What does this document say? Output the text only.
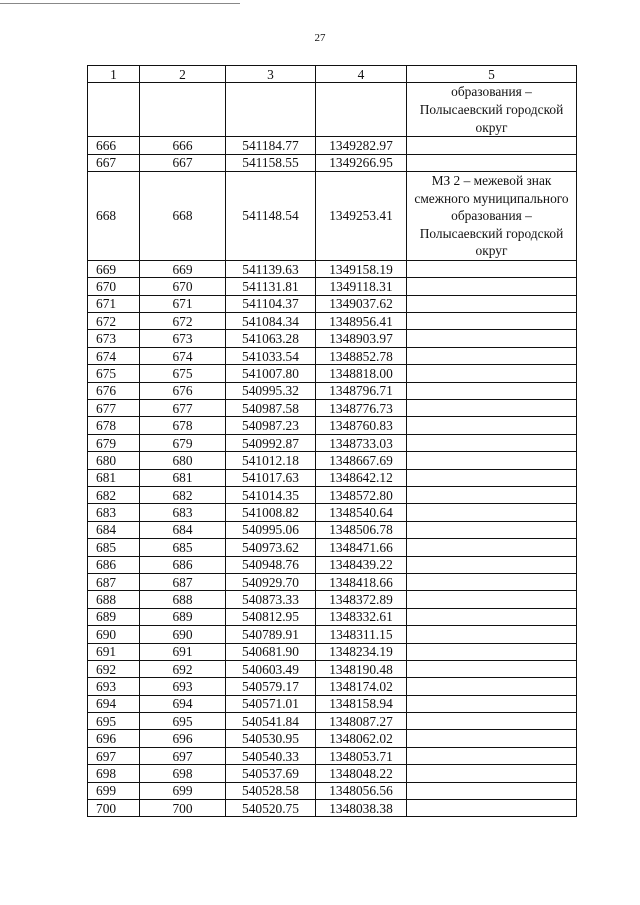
27
1	2	3	4	5
				образования – Полысаевский городской округ
666	666	541184.77	1349282.97	
667	667	541158.55	1349266.95	
668	668	541148.54	1349253.41	МЗ 2 – межевой знак смежного муниципального образования – Полысаевский городской округ
669	669	541139.63	1349158.19	
670	670	541131.81	1349118.31	
671	671	541104.37	1349037.62	
672	672	541084.34	1348956.41	
673	673	541063.28	1348903.97	
674	674	541033.54	1348852.78	
675	675	541007.80	1348818.00	
676	676	540995.32	1348796.71	
677	677	540987.58	1348776.73	
678	678	540987.23	1348760.83	
679	679	540992.87	1348733.03	
680	680	541012.18	1348667.69	
681	681	541017.63	1348642.12	
682	682	541014.35	1348572.80	
683	683	541008.82	1348540.64	
684	684	540995.06	1348506.78	
685	685	540973.62	1348471.66	
686	686	540948.76	1348439.22	
687	687	540929.70	1348418.66	
688	688	540873.33	1348372.89	
689	689	540812.95	1348332.61	
690	690	540789.91	1348311.15	
691	691	540681.90	1348234.19	
692	692	540603.49	1348190.48	
693	693	540579.17	1348174.02	
694	694	540571.01	1348158.94	
695	695	540541.84	1348087.27	
696	696	540530.95	1348062.02	
697	697	540540.33	1348053.71	
698	698	540537.69	1348048.22	
699	699	540528.58	1348056.56	
700	700	540520.75	1348038.38	
